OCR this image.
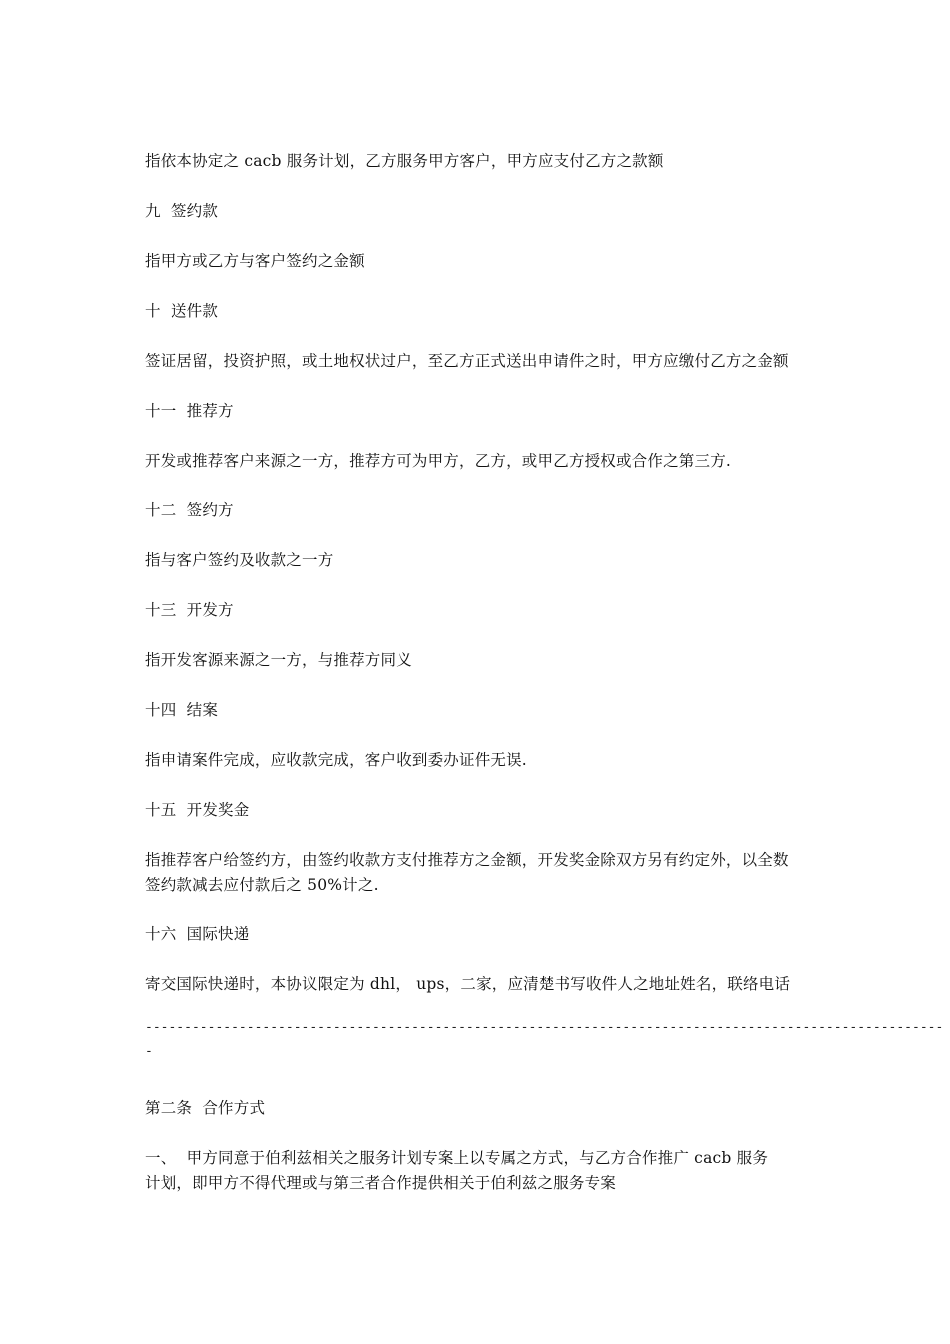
指依本协定之 cacb 服务计划，乙方服务甲方客户，甲方应支付乙方之款额
九  签约款
指甲方或乙方与客户签约之金额
十  送件款
签证居留，投资护照，或土地权状过户，至乙方正式送出申请件之时，甲方应缴付乙方之金额
十一  推荐方
开发或推荐客户来源之一方，推荐方可为甲方，乙方，或甲乙方授权或合作之第三方.
十二  签约方
指与客户签约及收款之一方
十三  开发方
指开发客源来源之一方，与推荐方同义
十四  结案
指申请案件完成，应收款完成，客户收到委办证件无误.
十五  开发奖金
指推荐客户给签约方，由签约收款方支付推荐方之金额，开发奖金除双方另有约定外，以全数
签约款减去应付款后之 50%计之.
十六  国际快递
寄交国际快递时，本协议限定为 dhl， ups，二家，应清楚书写收件人之地址姓名，联络电话
------------------------------------------------------------------------------------------------------
-
第二条  合作方式
一、  甲方同意于伯利兹相关之服务计划专案上以专属之方式，与乙方合作推广 cacb 服务
计划，即甲方不得代理或与第三者合作提供相关于伯利兹之服务专案
